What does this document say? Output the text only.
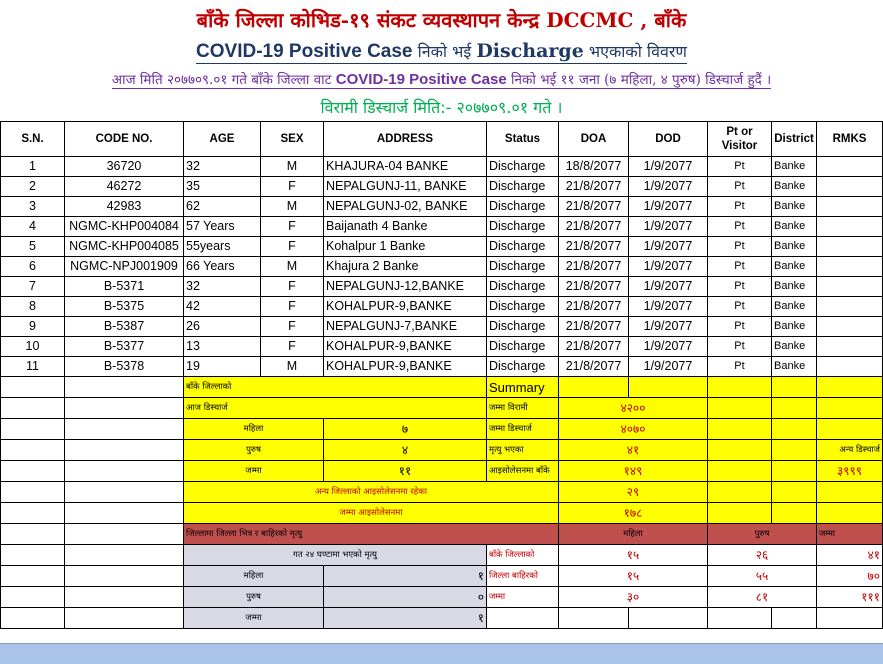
बाँके जिल्ला कोभिड-१९ संकट व्यवस्थापन केन्द्र DCCMC , बाँके
COVID-19 Positive Case निको भई Discharge भएकाको विवरण
आज मिति २०७७०९.०१ गते बाँके जिल्ला वाट COVID-19 Positive Case निको भई ११ जना (७ महिला, ४ पुरुष) डिस्चार्ज हुदैं ।
विरामी डिस्चार्ज मिति:- २०७७०९.०१ गते ।
S.N.	CODE NO.	AGE	SEX	ADDRESS	Status	DOA	DOD	Pt or Visitor	District	RMKS
1	36720	32	M	KHAJURA-04 BANKE	Discharge	18/8/2077	1/9/2077	Pt	Banke	
2	46272	35	F	NEPALGUNJ-11, BANKE	Discharge	21/8/2077	1/9/2077	Pt	Banke	
3	42983	62	M	NEPALGUNJ-02, BANKE	Discharge	21/8/2077	1/9/2077	Pt	Banke	
4	NGMC-KHP004084	57 Years	F	Baijanath 4 Banke	Discharge	21/8/2077	1/9/2077	Pt	Banke	
5	NGMC-KHP004085	55years	F	Kohalpur 1 Banke	Discharge	21/8/2077	1/9/2077	Pt	Banke	
6	NGMC-NPJ001909	66 Years	M	Khajura 2 Banke	Discharge	21/8/2077	1/9/2077	Pt	Banke	
7	B-5371	32	F	NEPALGUNJ-12,BANKE	Discharge	21/8/2077	1/9/2077	Pt	Banke	
8	B-5375	42	F	KOHALPUR-9,BANKE	Discharge	21/8/2077	1/9/2077	Pt	Banke	
9	B-5387	26	F	NEPALGUNJ-7,BANKE	Discharge	21/8/2077	1/9/2077	Pt	Banke	
10	B-5377	13	F	KOHALPUR-9,BANKE	Discharge	21/8/2077	1/9/2077	Pt	Banke	
11	B-5378	19	M	KOHALPUR-9,BANKE	Discharge	21/8/2077	1/9/2077	Pt	Banke	
		बाँके जिल्लाको			Summary					
		आज डिस्चार्ज			जम्मा विरामी	४२००				
		महिला		७	जम्मा डिस्चार्ज	४०७०				
		पुरुष		४	मृत्यु भएका	४१				अन्य डिस्चार्ज
		जम्मा		११	आइसोलेसनमा बाँके	१४९				३९९९
		अन्य जिल्लाको आइसोलेसनमा रहेका				२९				
		जम्मा आइसोलेसनमा				१७८				
		जिल्लामा जिल्ला भित्र र बाहिरको मृत्यु				महिला		पुरुष		जम्मा
		गत २४ घण्टामा भएको मृत्यु			बाँके जिल्लाको	१५		२६		४१
		महिला		१	जिल्ला बाहिरको	१५		५५		७०
		पुरुष		०	जम्मा	३०		८१		१११
		जम्मा		१						
